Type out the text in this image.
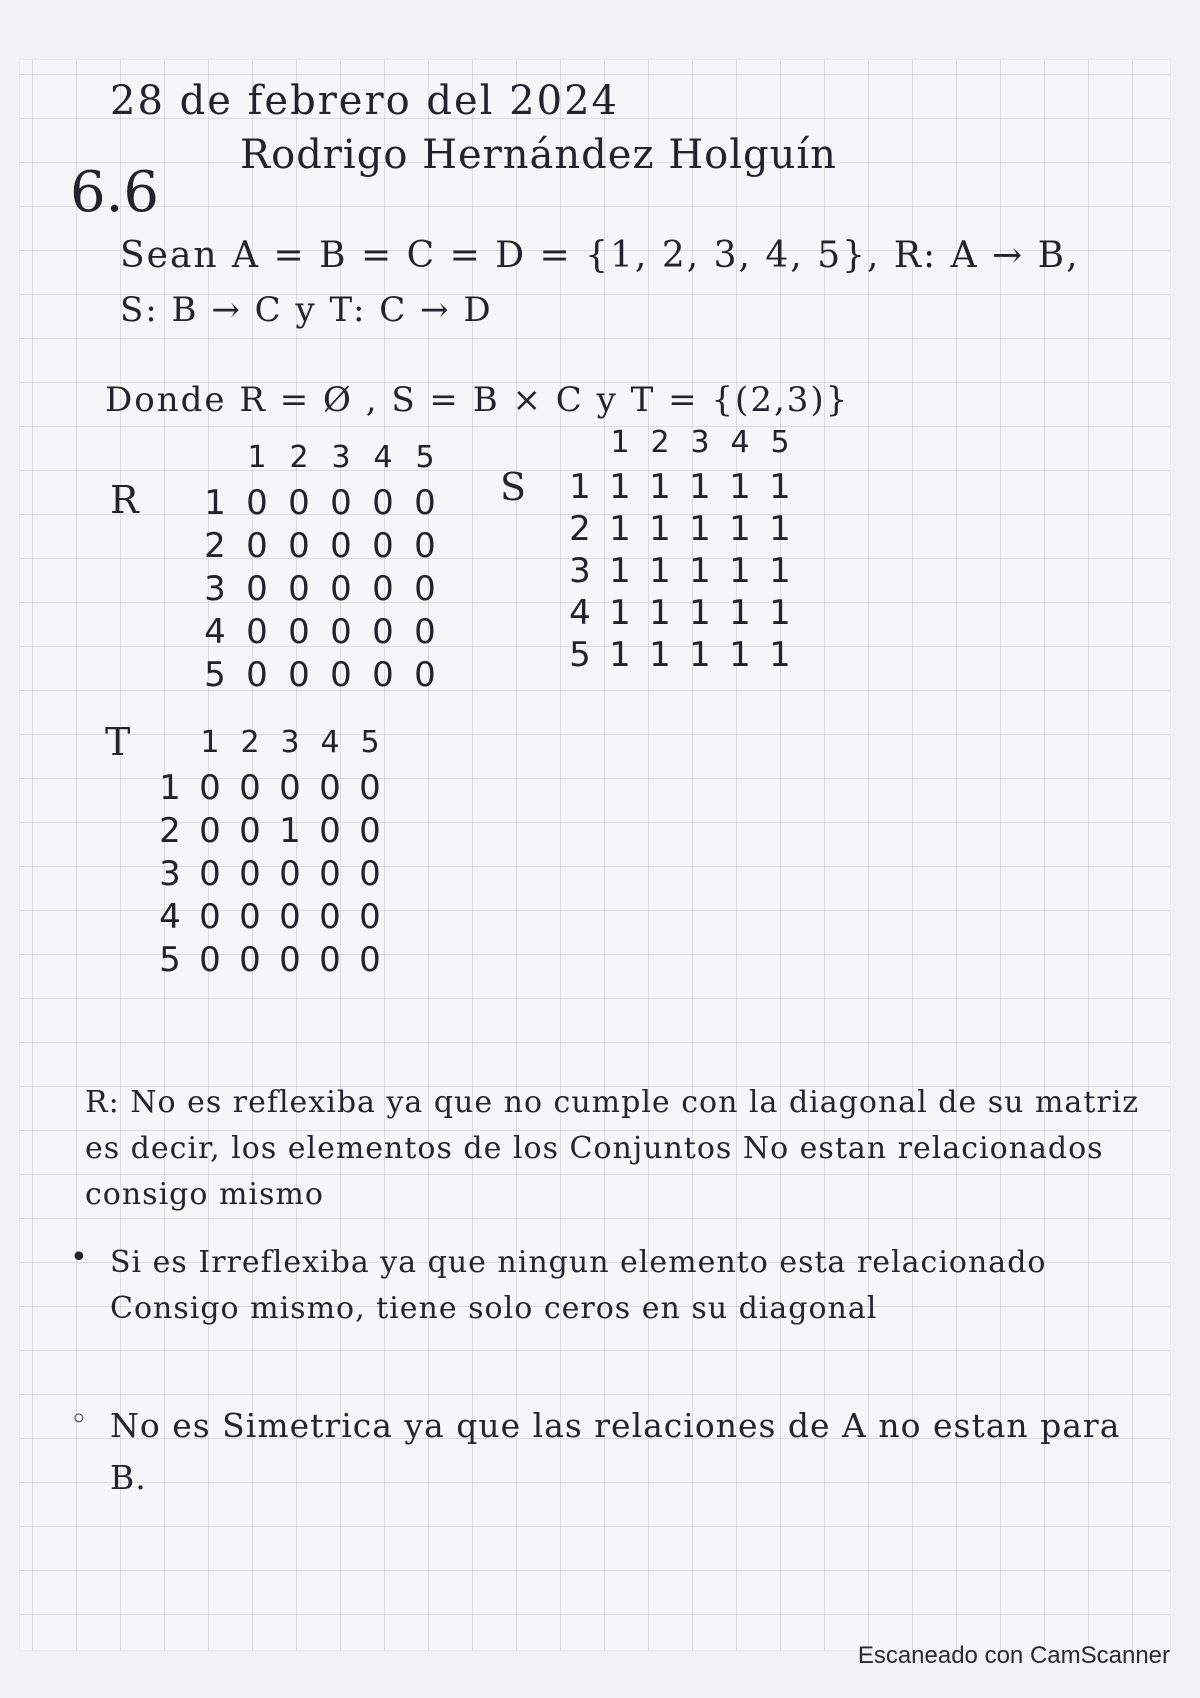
28 de febrero del 2024
Rodrigo Hernández Holguín
6.6
Sean A = B = C = D = {1, 2, 3, 4, 5}, R: A → B,
S: B → C y T: C → D
Donde R = Ø , S = B × C y T = {(2,3)}
•
◦
R: No es reflexiba ya que no cumple con la diagonal de su matriz es decir, los elementos de los Conjuntos No estan relacionados consigo mismo
Si es Irreflexiba ya que ningun elemento esta relacionado Consigo mismo, tiene solo ceros en su diagonal
No es Simetrica ya que las relaciones de A no estan para B.
Escaneado con CamScanner
R
1 2 3 4 5
1 0 0 0 0 0
2 0 0 0 0 0
3 0 0 0 0 0
4 0 0 0 0 0
5 0 0 0 0 0
S
1 2 3 4 5
1 1 1 1 1 1
2 1 1 1 1 1
3 1 1 1 1 1
4 1 1 1 1 1
5 1 1 1 1 1
T	1 2 3 4 5
1 0 0 0 0 0
2 0 0 1 0 0
3 0 0 0 0 0
4 0 0 0 0 0
5 0 0 0 0 0
